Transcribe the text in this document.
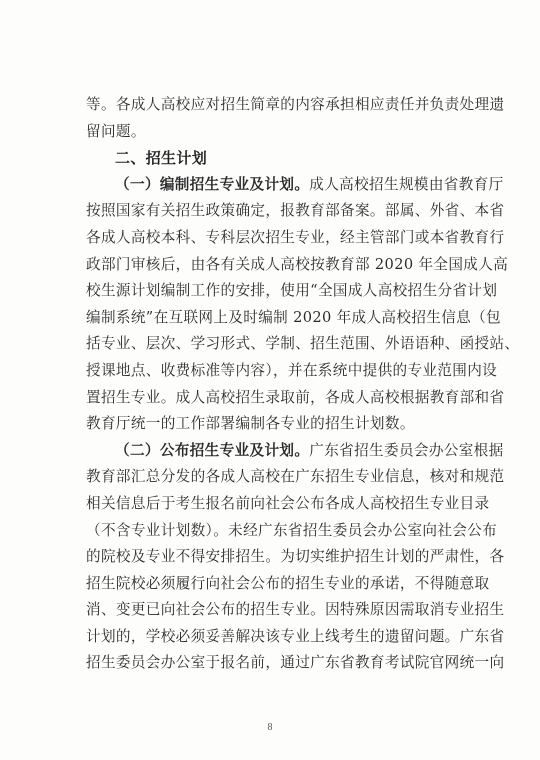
等。各成人高校应对招生简章的内容承担相应责任并负责处理遗
留问题。
二、招生计划
（一）编制招生专业及计划。成人高校招生规模由省教育厅
按照国家有关招生政策确定，报教育部备案。部属、外省、本省
各成人高校本科、专科层次招生专业，经主管部门或本省教育行
政部门审核后，由各有关成人高校按教育部 2020 年全国成人高
校生源计划编制工作的安排，使用“全国成人高校招生分省计划
编制系统”在互联网上及时编制 2020 年成人高校招生信息（包
括专业、层次、学习形式、学制、招生范围、外语语种、函授站、
授课地点、收费标准等内容），并在系统中提供的专业范围内设
置招生专业。成人高校招生录取前，各成人高校根据教育部和省
教育厅统一的工作部署编制各专业的招生计划数。
（二）公布招生专业及计划。广东省招生委员会办公室根据
教育部汇总分发的各成人高校在广东招生专业信息，核对和规范
相关信息后于考生报名前向社会公布各成人高校招生专业目录
（不含专业计划数）。未经广东省招生委员会办公室向社会公布
的院校及专业不得安排招生。为切实维护招生计划的严肃性，各
招生院校必须履行向社会公布的招生专业的承诺，不得随意取
消、变更已向社会公布的招生专业。因特殊原因需取消专业招生
计划的，学校必须妥善解决该专业上线考生的遗留问题。广东省
招生委员会办公室于报名前，通过广东省教育考试院官网统一向
8
